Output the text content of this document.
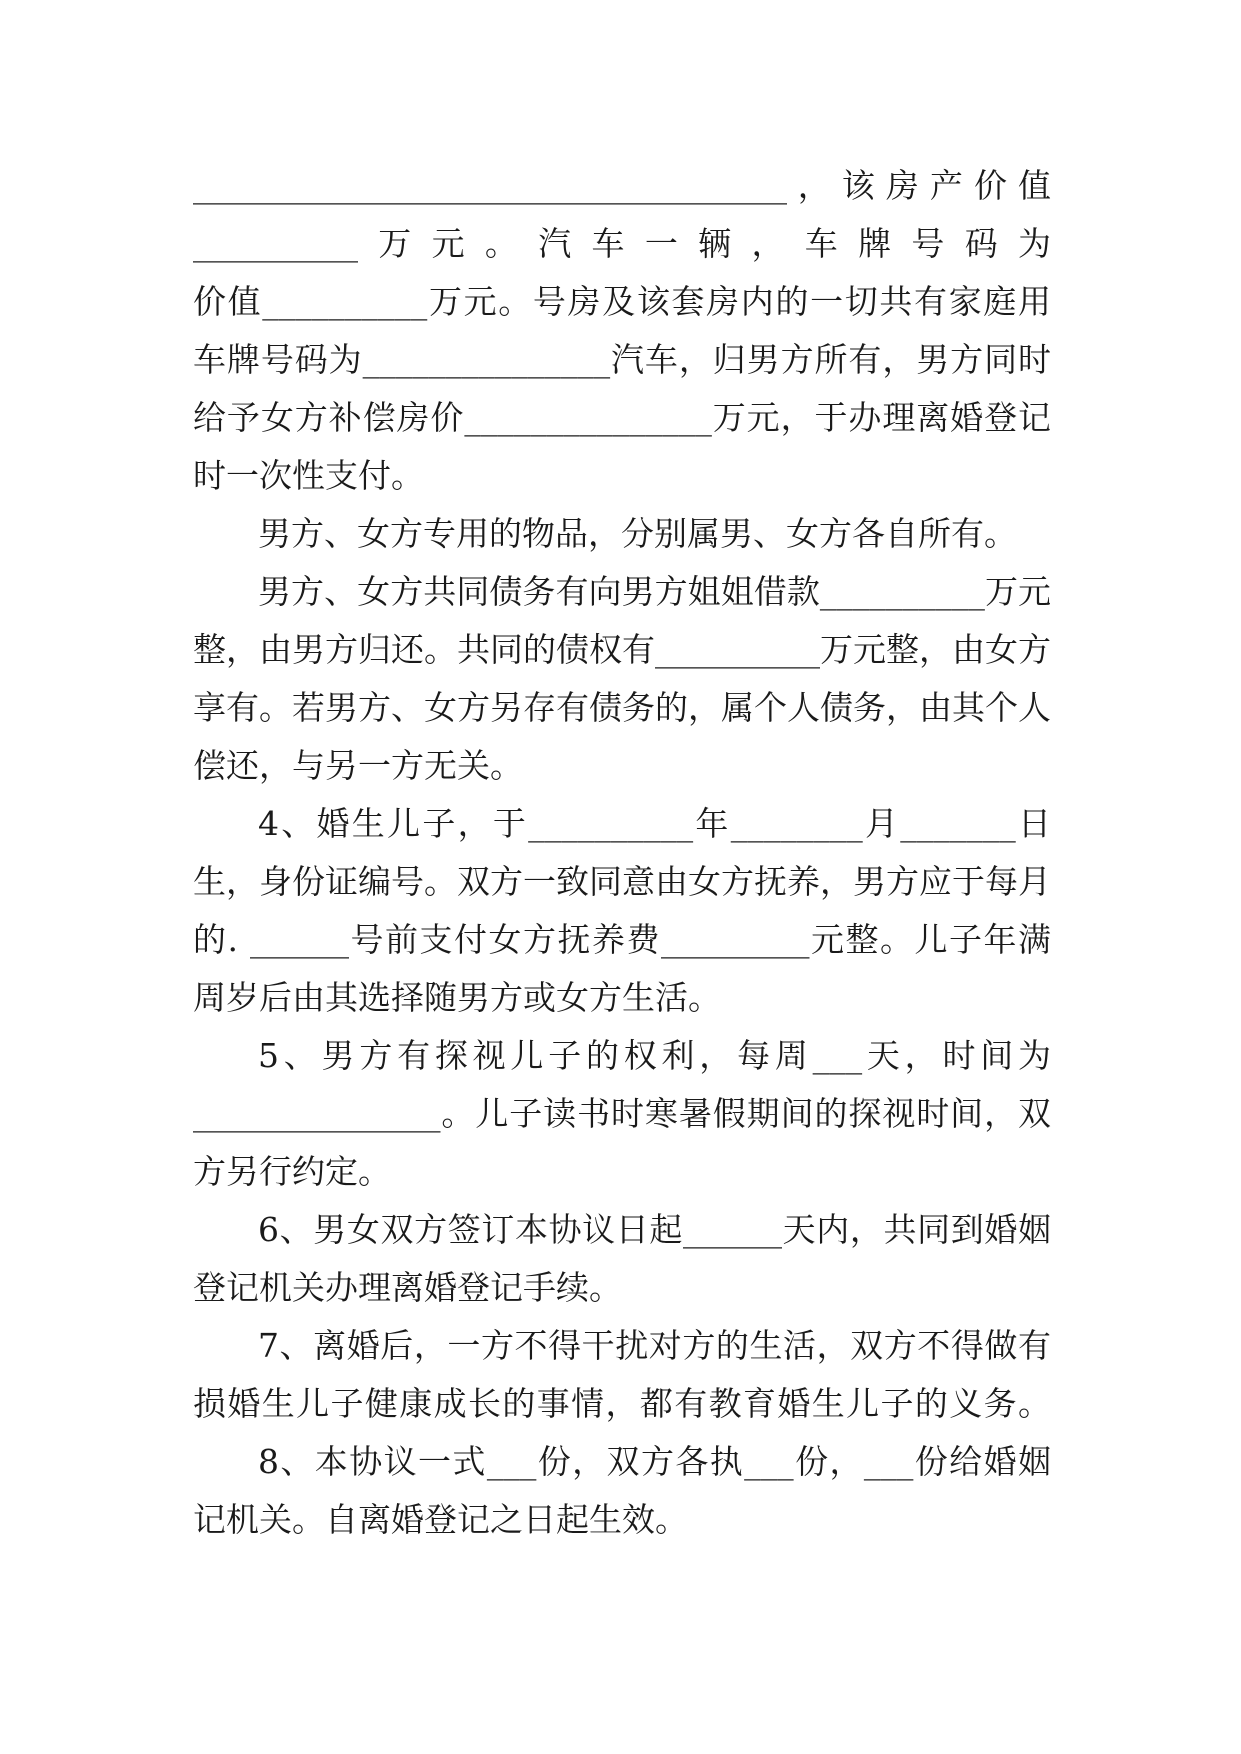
____________________________________ ， 该 房 产 价 值
__________万元。汽车一辆，车牌号码为
价值__________万元。号房及该套房内的一切共有家庭用
车牌号码为_______________汽车，归男方所有，男方同时
给予女方补偿房价_______________万元，于办理离婚登记
时一次性支付。
男方、女方专用的物品，分别属男、女方各自所有。
男方、女方共同债务有向男方姐姐借款__________万元
整，由男方归还。共同的债权有__________万元整，由女方
享有。若男方、女方另存有债务的，属个人债务，由其个人
偿还，与另一方无关。
4、婚生儿子，于__________年________月_______日
生，身份证编号。双方一致同意由女方抚养，男方应于每月
的. ______号前支付女方抚养费_________元整。儿子年满
周岁后由其选择随男方或女方生活。
5、男方有探视儿子的权利，每周___天，时间为
_______________。儿子读书时寒暑假期间的探视时间，双
方另行约定。
6、男女双方签订本协议日起______天内，共同到婚姻
登记机关办理离婚登记手续。
7、离婚后，一方不得干扰对方的生活，双方不得做有
损婚生儿子健康成长的事情，都有教育婚生儿子的义务。
8、本协议一式___份，双方各执___份，___份给婚姻
记机关。自离婚登记之日起生效。
